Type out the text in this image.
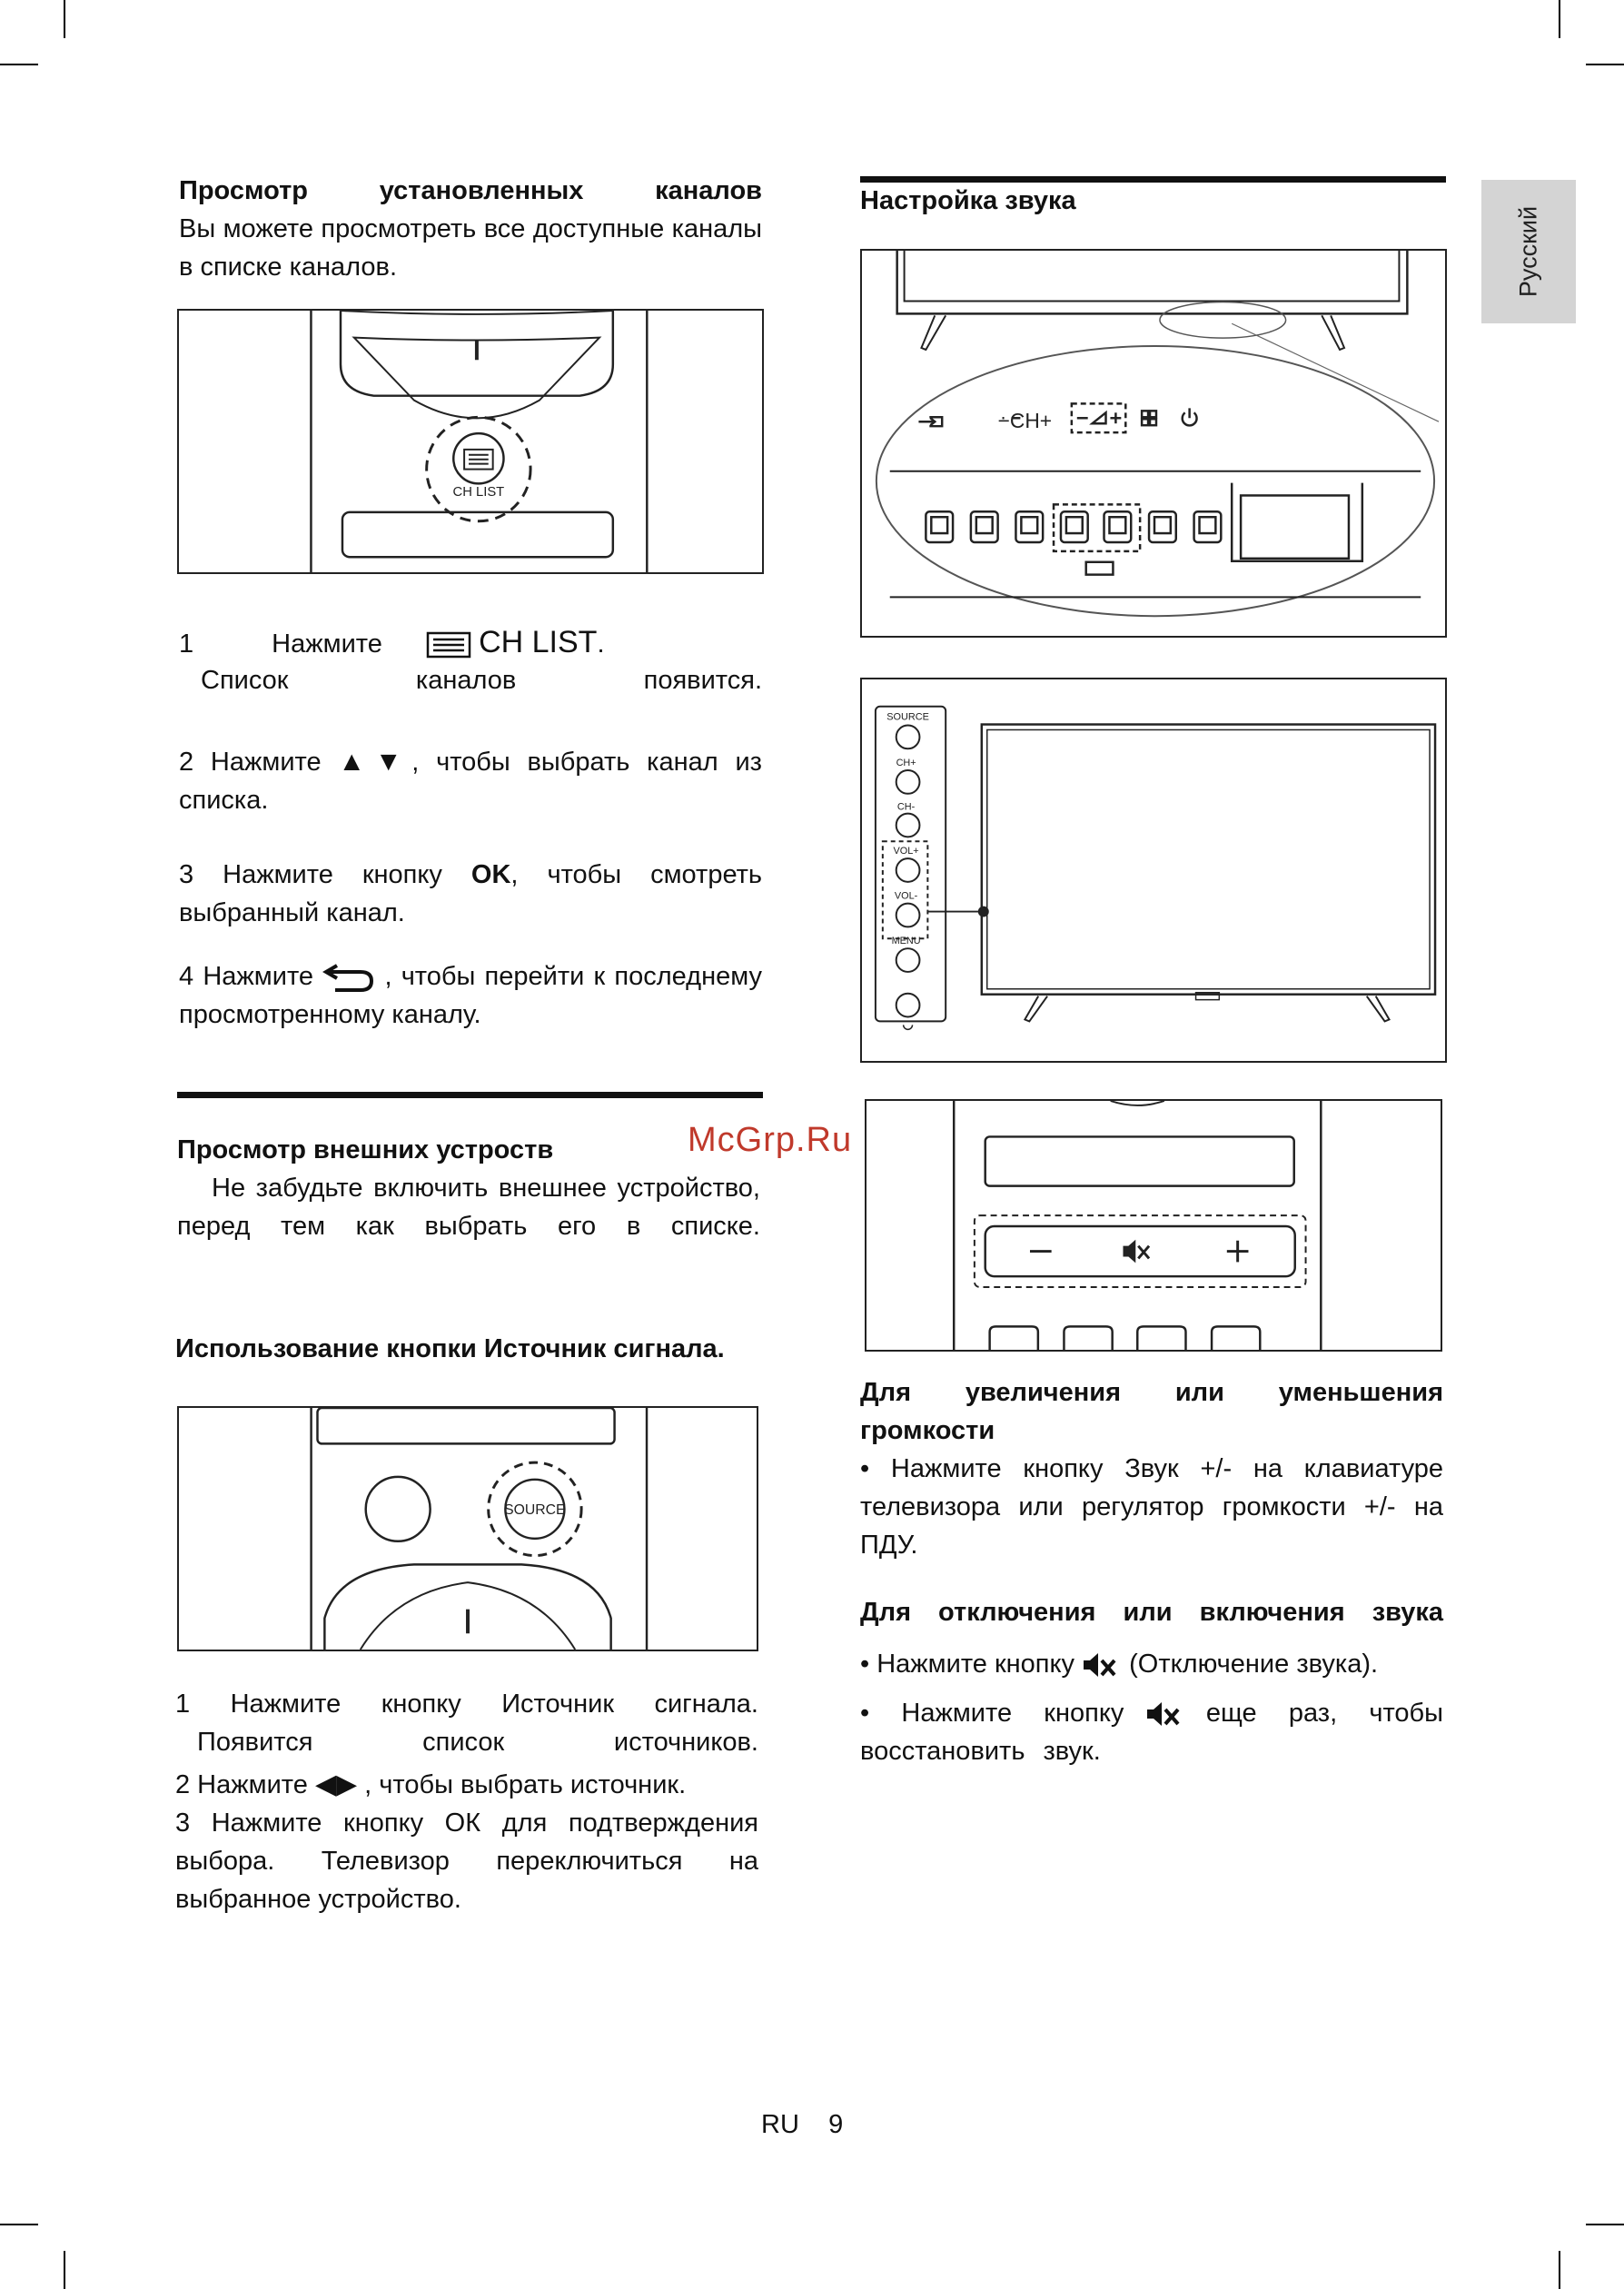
Русский
Просмотр установленных каналов
Вы можете просмотреть все доступные каналы в списке каналов.
CH LIST
1 Нажмите	CH LIST.
Список каналов появится.
2 Нажмите ▲▼, чтобы выбрать канал из списка.
3 Нажмите кнопку OK, чтобы смотреть выбранный канал.
4 Нажмите	, чтобы перейти к последнему просмотренному каналу.
Просмотр внешних устроств
Не забудьте включить внешнее устройство, перед тем как выбрать его в списке.
Использование кнопки Источник сигнала.
SOURCE
1 Нажмите кнопку Источник сигнала.
Появится список источников.
2 Нажмите ◀▶ , чтобы выбрать источник.
3 Нажмите кнопку ОК для подтверждения выбора. Телевизор переключиться на выбранное устройство.
Настройка звука
−CH+
SOURCE
CH+
CH-
VOL+
VOL-
MENU
Для увеличения или уменьшения громкости
• Нажмите кнопку Звук +/- на клавиатуре телевизора или регулятор громкости +/- на ПДУ.
Для отключения или включения звука
• Нажмите кнопку (Отключение звука).
• Нажмите кнопку	еще раз, чтобы восстановить звук.
McGrp.Ru
RU    9
